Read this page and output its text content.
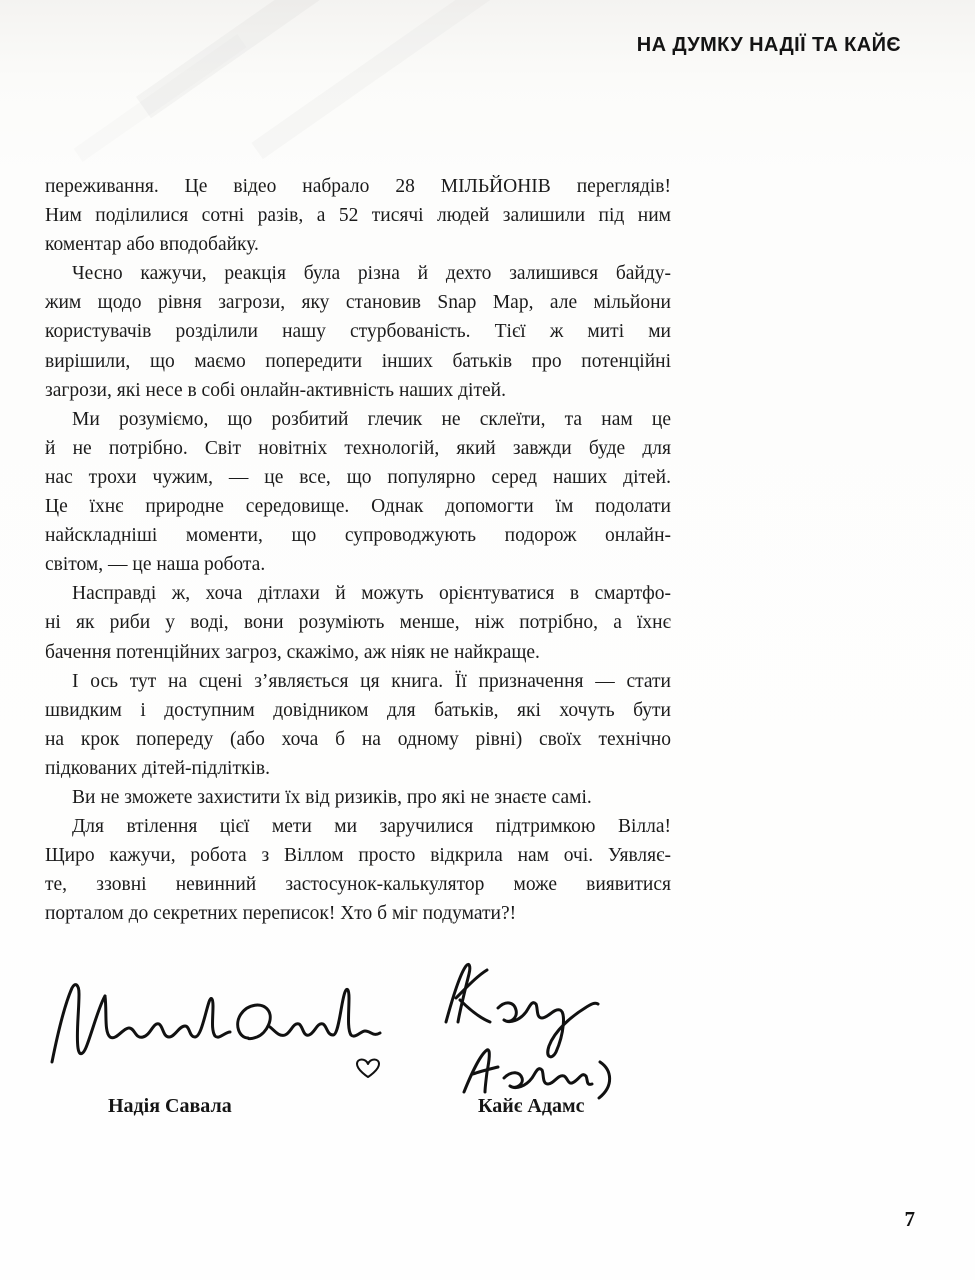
НА ДУМКУ НАДІЇ ТА КАЙЄ

переживання. Це відео набрало 28 МІЛЬЙОНІВ переглядів!
Ним поділилися сотні разів, а 52 тисячі людей залишили під ним
коментар або вподобайку.

Чесно кажучи, реакція була різна й дехто залишився байду-
жим щодо рівня загрози, яку становив Snap Map, але мільйони
користувачів розділили нашу стурбованість. Тієї ж миті ми
вирішили, що маємо попередити інших батьків про потенційні
загрози, які несе в собі онлайн-активність наших дітей.

Ми розуміємо, що розбитий глечик не склеїти, та нам це
й не потрібно. Світ новітніх технологій, який завжди буде для
нас трохи чужим, — це все, що популярно серед наших дітей.
Це їхнє природне середовище. Однак допомогти їм подолати
найскладніші моменти, що супроводжують подорож онлайн-
світом, — це наша робота.

Насправді ж, хоча дітлахи й можуть орієнтуватися в смартфо-
ні як риби у воді, вони розуміють менше, ніж потрібно, а їхнє
бачення потенційних загроз, скажімо, аж ніяк не найкраще.

І ось тут на сцені з’являється ця книга. Її призначення — стати
швидким і доступним довідником для батьків, які хочуть бути
на крок попереду (або хоча б на одному рівні) своїх технічно
підкованих дітей-підлітків.

Ви не зможете захистити їх від ризиків, про які не знаєте самі.

Для втілення цієї мети ми заручилися підтримкою Вілла!
Щиро кажучи, робота з Віллом просто відкрила нам очі. Уявляє-
те, ззовні невинний застосунок-калькулятор може виявитися
порталом до секретних переписок! Хто б міг подумати?!

Надія Савала	Кайє Адамс
7
